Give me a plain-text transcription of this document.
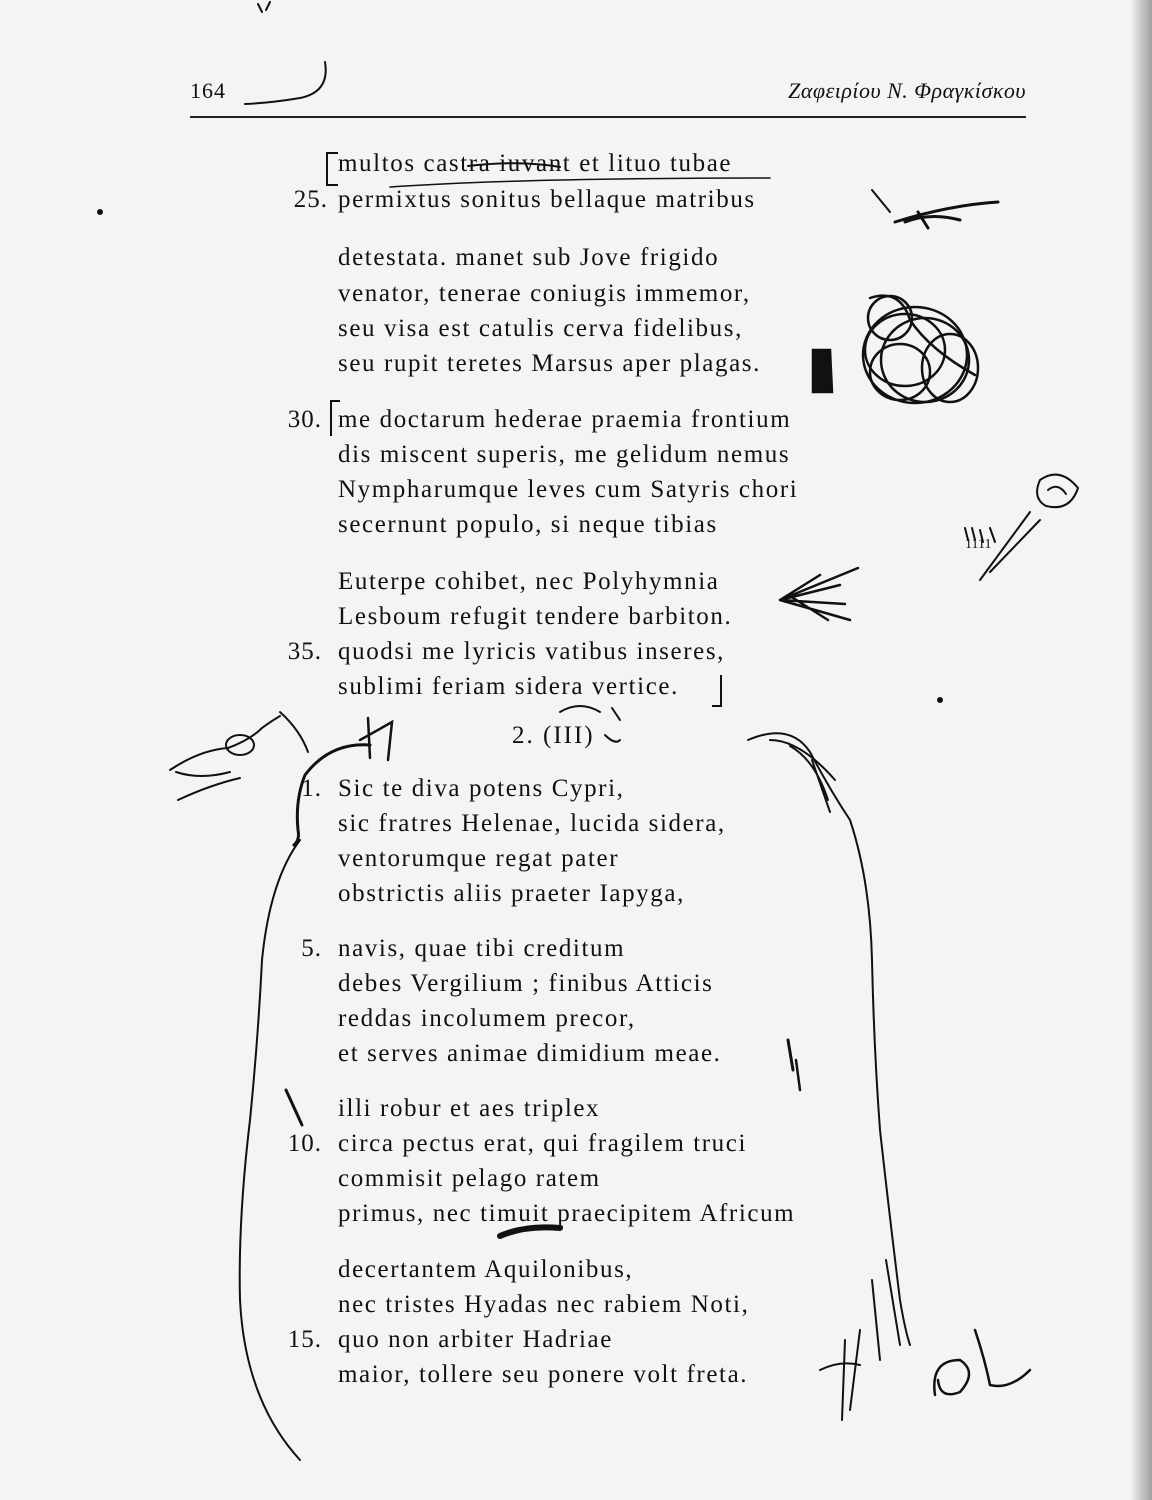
164	Ζαφειρίου Ν. Φραγκίσκου
multos castra iuvant et lituo tubae
25. permixtus sonitus bellaque matribus
detestata. manet sub Jove frigido
venator, tenerae coniugis immemor,
seu visa est catulis cerva fidelibus,
seu rupit teretes Marsus aper plagas.
30. me doctarum hederae praemia frontium
dis miscent superis, me gelidum nemus
Nympharumque leves cum Satyris chori
secernunt populo, si neque tibias
Euterpe cohibet, nec Polyhymnia
Lesboum refugit tendere barbiton.
35. quodsi me lyricis vatibus inseres,
sublimi feriam sidera vertice.
2. (III)
1. Sic te diva potens Cypri,
sic fratres Helenae, lucida sidera,
ventorumque regat pater
obstrictis aliis praeter Iapyga,
5. navis, quae tibi creditum
debes Vergilium ; finibus Atticis
reddas incolumem precor,
et serves animae dimidium meae.
illi robur et aes triplex
10. circa pectus erat, qui fragilem truci
commisit pelago ratem
primus, nec timuit praecipitem Africum
decertantem Aquilonibus,
nec tristes Hyadas nec rabiem Noti,
15. quo non arbiter Hadriae
maior, tollere seu ponere volt freta.
1111
